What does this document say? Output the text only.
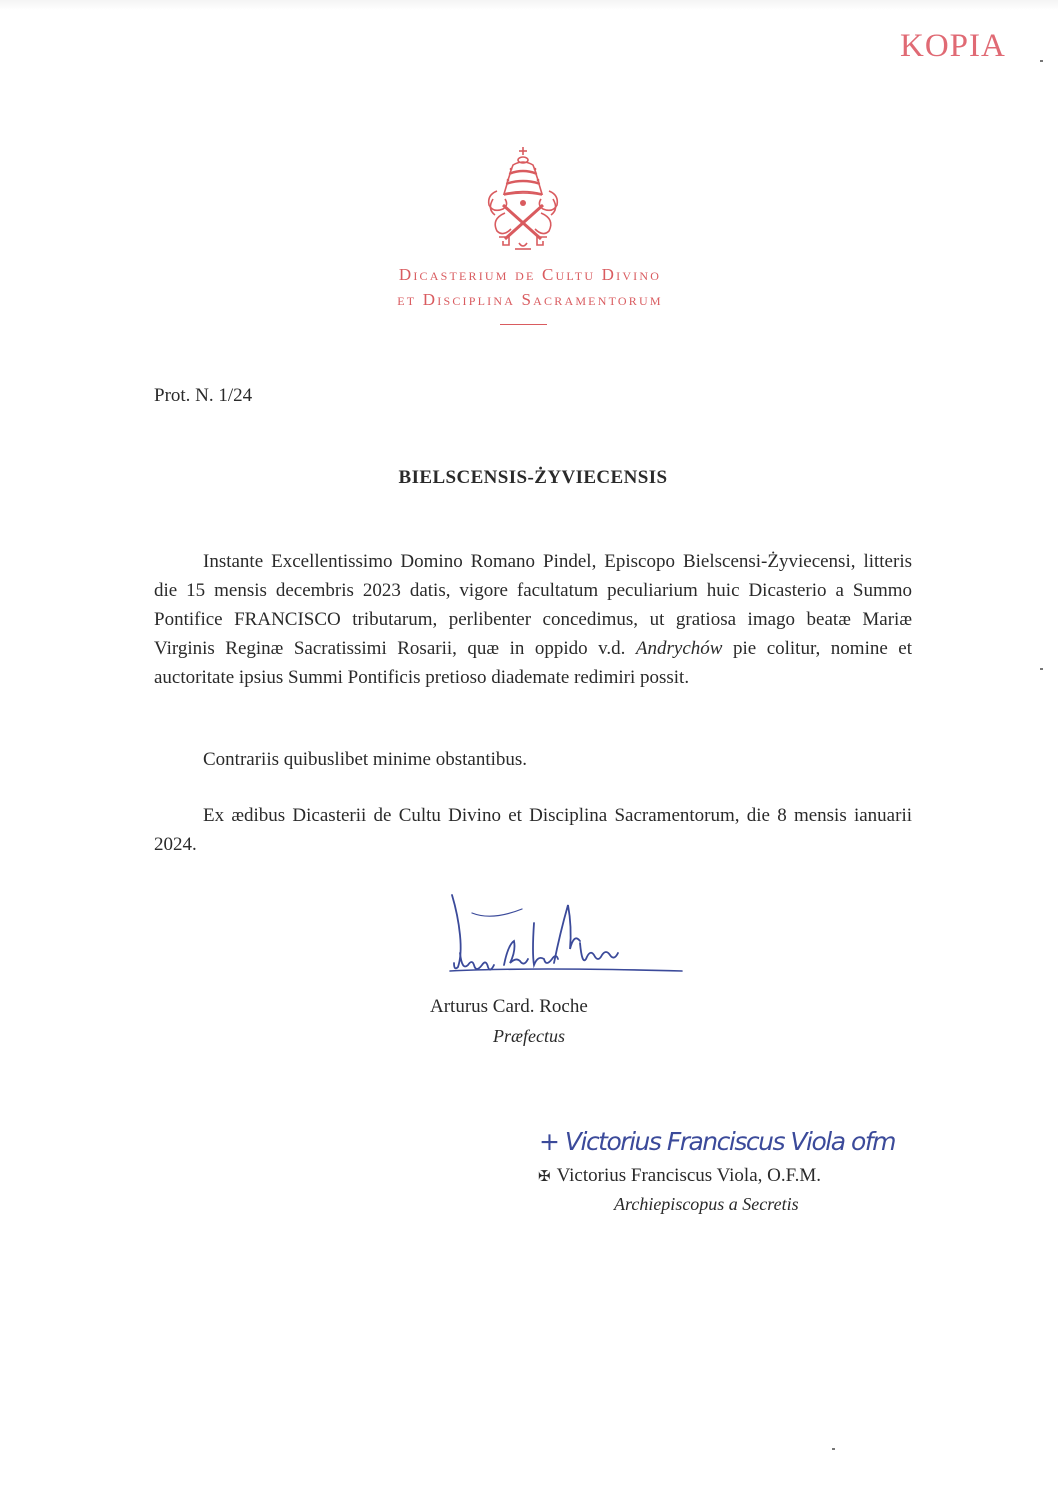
KOPIA
Dicasterium de Cultu Divino
et Disciplina Sacramentorum
Prot. N. 1/24
BIELSCENSIS-ŻYVIECENSIS

Instante Excellentissimo Domino Romano Pindel, Episcopo Bielscensi-Żyviecensi, litteris die 15 mensis decembris 2023 datis, vigore facultatum peculiarium huic Dicasterio a Summo Pontifice FRANCISCO tributarum, perlibenter concedimus, ut gratiosa imago beatæ Mariæ Virginis Reginæ Sacratissimi Rosarii, quæ in oppido v.d. Andrychów pie colitur, nomine et auctoritate ipsius Summi Pontificis pretioso diademate redimiri possit.

Contrariis quibuslibet minime obstantibus.

Ex ædibus Dicasterii de Cultu Divino et Disciplina Sacramentorum, die 8 mensis ianuarii 2024.

Arturus Card. Roche
Præfectus
+ Victorius Franciscus Viola ofm
✠ Victorius Franciscus Viola, O.F.M.
Archiepiscopus a Secretis
